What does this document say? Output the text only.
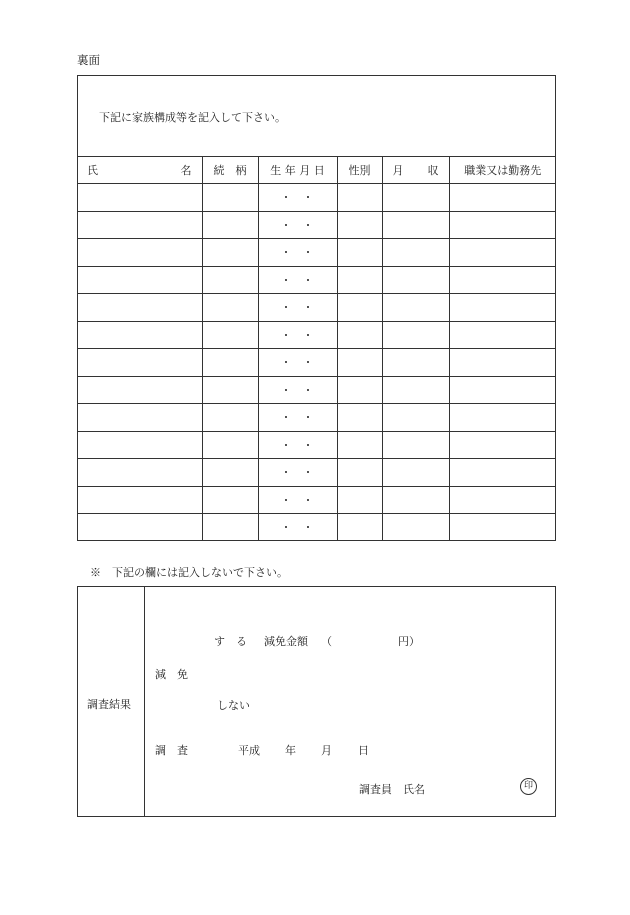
裏面
下記に家族構成等を記入して下さい。
氏 名	続　 柄	生 年 月 日	性別	月 収	職業又は勤務先
		・ ・			
		・ ・			
		・ ・			
		・ ・			
		・ ・			
		・ ・			
		・ ・			
		・ ・			
		・ ・			
		・ ・			
		・ ・			
		・ ・			
		・ ・			
※　下記の欄には記入しないで下さい。
調査結果
す　る 減免金額 （	円）
減　免
しない
調　査	平成 年 月 日
調査員　氏名	印
